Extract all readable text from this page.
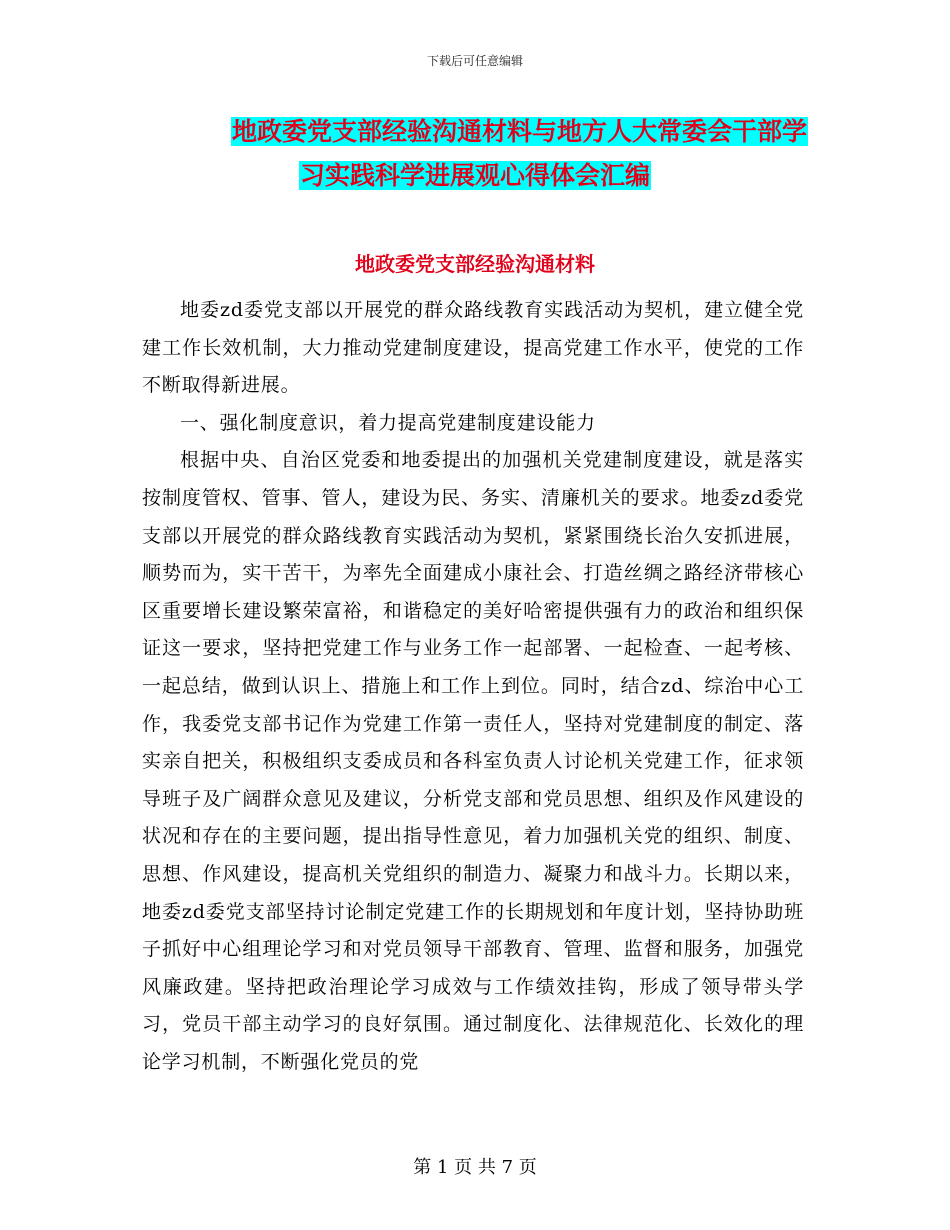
下载后可任意编辑
地政委党支部经验沟通材料与地方人大常委会干部学
习实践科学进展观心得体会汇编
地政委党支部经验沟通材料

地委zd委党支部以开展党的群众路线教育实践活动为契机，建立健全党建工作长效机制，大力推动党建制度建设，提高党建工作水平，使党的工作不断取得新进展。

一、强化制度意识，着力提高党建制度建设能力

根据中央、自治区党委和地委提出的加强机关党建制度建设，就是落实按制度管权、管事、管人，建设为民、务实、清廉机关的要求。地委zd委党支部以开展党的群众路线教育实践活动为契机，紧紧围绕长治久安抓进展，顺势而为，实干苦干，为率先全面建成小康社会、打造丝绸之路经济带核心区重要增长建设繁荣富裕，和谐稳定的美好哈密提供强有力的政治和组织保证这一要求，坚持把党建工作与业务工作一起部署、一起检查、一起考核、一起总结，做到认识上、措施上和工作上到位。同时，结合zd、综治中心工作，我委党支部书记作为党建工作第一责任人，坚持对党建制度的制定、落实亲自把关，积极组织支委成员和各科室负责人讨论机关党建工作，征求领导班子及广阔群众意见及建议，分析党支部和党员思想、组织及作风建设的状况和存在的主要问题，提出指导性意见，着力加强机关党的组织、制度、思想、作风建设，提高机关党组织的制造力、凝聚力和战斗力。长期以来，地委zd委党支部坚持讨论制定党建工作的长期规划和年度计划，坚持协助班子抓好中心组理论学习和对党员领导干部教育、管理、监督和服务，加强党风廉政建。坚持把政治理论学习成效与工作绩效挂钩，形成了领导带头学习，党员干部主动学习的良好氛围。通过制度化、法律规范化、长效化的理论学习机制，不断强化党员的党

第 1 页 共 7 页
